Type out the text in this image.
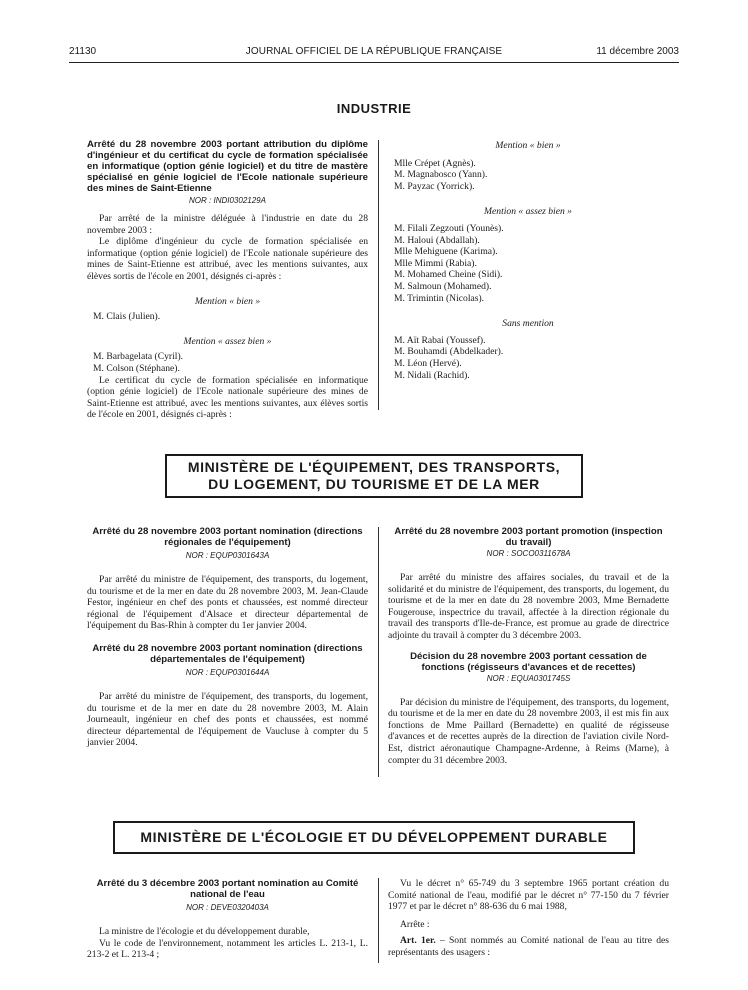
21130	JOURNAL OFFICIEL DE LA RÉPUBLIQUE FRANÇAISE	11 décembre 2003
INDUSTRIE
Arrêté du 28 novembre 2003 portant attribution du diplôme d'ingénieur et du certificat du cycle de formation spécialisée en informatique (option génie logiciel) et du titre de mastère spécialisé en génie logiciel de l'Ecole nationale supérieure des mines de Saint-Etienne
NOR : INDI0302129A

Par arrêté de la ministre déléguée à l'industrie en date du 28 novembre 2003 :

Le diplôme d'ingénieur du cycle de formation spécialisée en informatique (option génie logiciel) de l'Ecole nationale supérieure des mines de Saint-Etienne est attribué, avec les mentions suivantes, aux élèves sortis de l'école en 2001, désignés ci-après :

Mention « bien »

M. Clais (Julien).

Mention « assez bien »

M. Barbagelata (Cyril).

M. Colson (Stéphane).

Le certificat du cycle de formation spécialisée en informatique (option génie logiciel) de l'Ecole nationale supérieure des mines de Saint-Etienne est attribué, avec les mentions suivantes, aux élèves sortis de l'école en 2001, désignés ci-après :

Mention « bien »

Mlle Crépet (Agnès).

M. Magnabosco (Yann).

M. Payzac (Yorrick).

Mention « assez bien »

M. Filali Zegzouti (Younès).

M. Haloui (Abdallah).

Mlle Mehiguene (Karima).

Mlle Mimmi (Rabia).

M. Mohamed Cheine (Sidi).

M. Salmoun (Mohamed).

M. Trimintin (Nicolas).

Sans mention

M. Aït Rabai (Youssef).

M. Bouhamdi (Abdelkader).

M. Léon (Hervé).

M. Nidali (Rachid).

MINISTÈRE DE L'ÉQUIPEMENT, DES TRANSPORTS,
DU LOGEMENT, DU TOURISME ET DE LA MER
Arrêté du 28 novembre 2003 portant nomination (directions régionales de l'équipement)
NOR : EQUP0301643A

Par arrêté du ministre de l'équipement, des transports, du logement, du tourisme et de la mer en date du 28 novembre 2003, M. Jean-Claude Festor, ingénieur en chef des ponts et chaussées, est nommé directeur régional de l'équipement d'Alsace et directeur départemental de l'équipement du Bas-Rhin à compter du 1er janvier 2004.

Arrêté du 28 novembre 2003 portant nomination (directions départementales de l'équipement)
NOR : EQUP0301644A

Par arrêté du ministre de l'équipement, des transports, du logement, du tourisme et de la mer en date du 28 novembre 2003, M. Alain Journeault, ingénieur en chef des ponts et chaussées, est nommé directeur départemental de l'équipement de Vaucluse à compter du 5 janvier 2004.

Arrêté du 28 novembre 2003 portant promotion (inspection du travail)
NOR : SOCO0311678A

Par arrêté du ministre des affaires sociales, du travail et de la solidarité et du ministre de l'équipement, des transports, du logement, du tourisme et de la mer en date du 28 novembre 2003, Mme Bernadette Fougerouse, inspectrice du travail, affectée à la direction régionale du travail des transports d'Ile-de-France, est promue au grade de directrice adjointe du travail à compter du 3 décembre 2003.

Décision du 28 novembre 2003 portant cessation de fonctions (régisseurs d'avances et de recettes)
NOR : EQUA0301745S

Par décision du ministre de l'équipement, des transports, du logement, du tourisme et de la mer en date du 28 novembre 2003, il est mis fin aux fonctions de Mme Paillard (Bernadette) en qualité de régisseuse d'avances et de recettes auprès de la direction de l'aviation civile Nord-Est, district aéronautique Champagne-Ardenne, à Reims (Marne), à compter du 31 décembre 2003.

MINISTÈRE DE L'ÉCOLOGIE ET DU DÉVELOPPEMENT DURABLE
Arrêté du 3 décembre 2003 portant nomination au Comité national de l'eau
NOR : DEVE0320403A

La ministre de l'écologie et du développement durable,

Vu le code de l'environnement, notamment les articles L. 213-1, L. 213-2 et L. 213-4 ;

Vu le décret n° 65-749 du 3 septembre 1965 portant création du Comité national de l'eau, modifié par le décret n° 77-150 du 7 février 1977 et par le décret n° 88-636 du 6 mai 1988,

Arrête :

Art. 1er. – Sont nommés au Comité national de l'eau au titre des représentants des usagers :
